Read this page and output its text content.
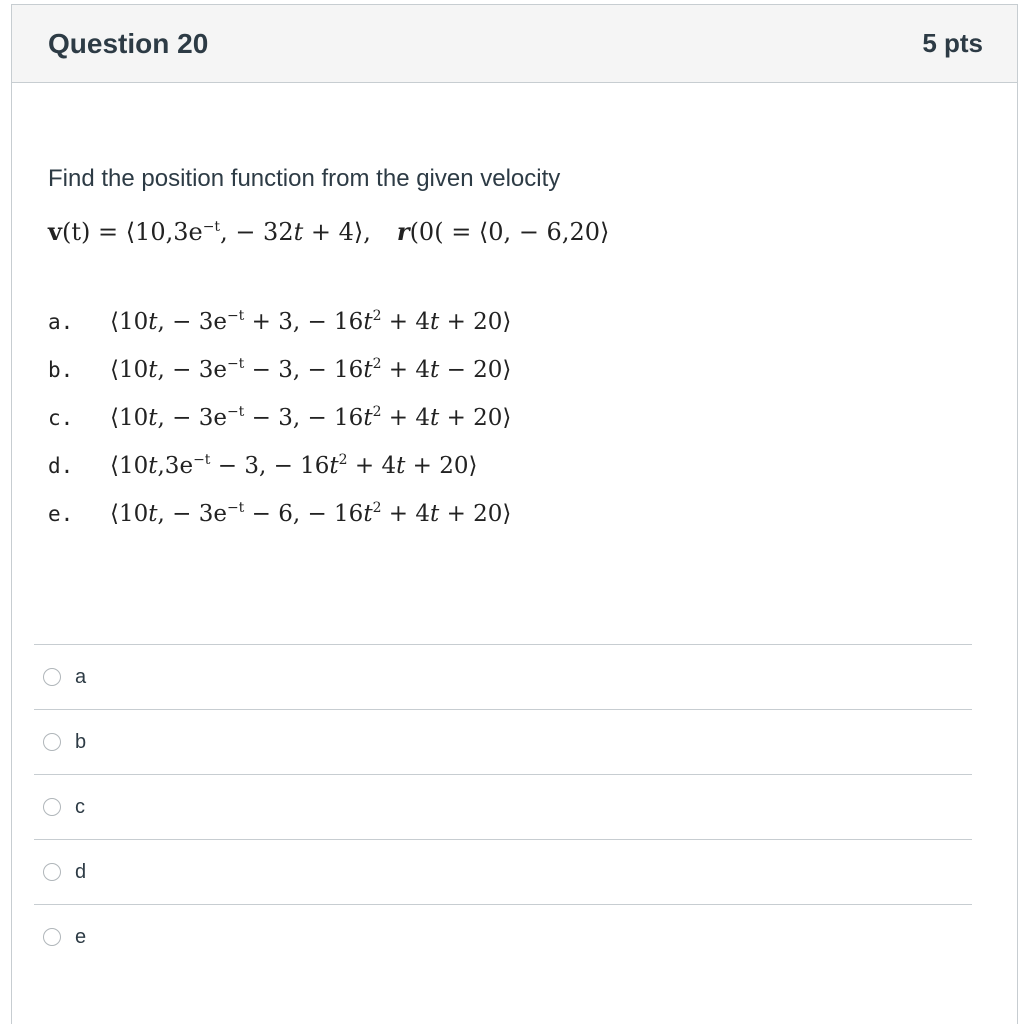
Question 20	5 pts
Find the position function from the given velocity
$v(t) = ⟨10,3e^{-t}$, − 32t + 4⟩, r(0( = ⟨0, − 6,20⟩
a.	⟨10t, − $3e^{-t} + 3$, − $16t^2 + 4t$ + 20⟩
b.	⟨10t, − $3e^{-t} - 3$, − $16t^2 + 4t$ − 20⟩
c.	⟨10t, − $3e^{-t} - 3$, − $16t^2 + 4t$ + 20⟩
d.	$⟨10t,3e^{-t} - 3$, − $16t^2 + 4t$ + 20⟩
e.	⟨10t, − $3e^{-t} - 6$, − $16t^2 + 4t$ + 20⟩
a
b
c
d
e
